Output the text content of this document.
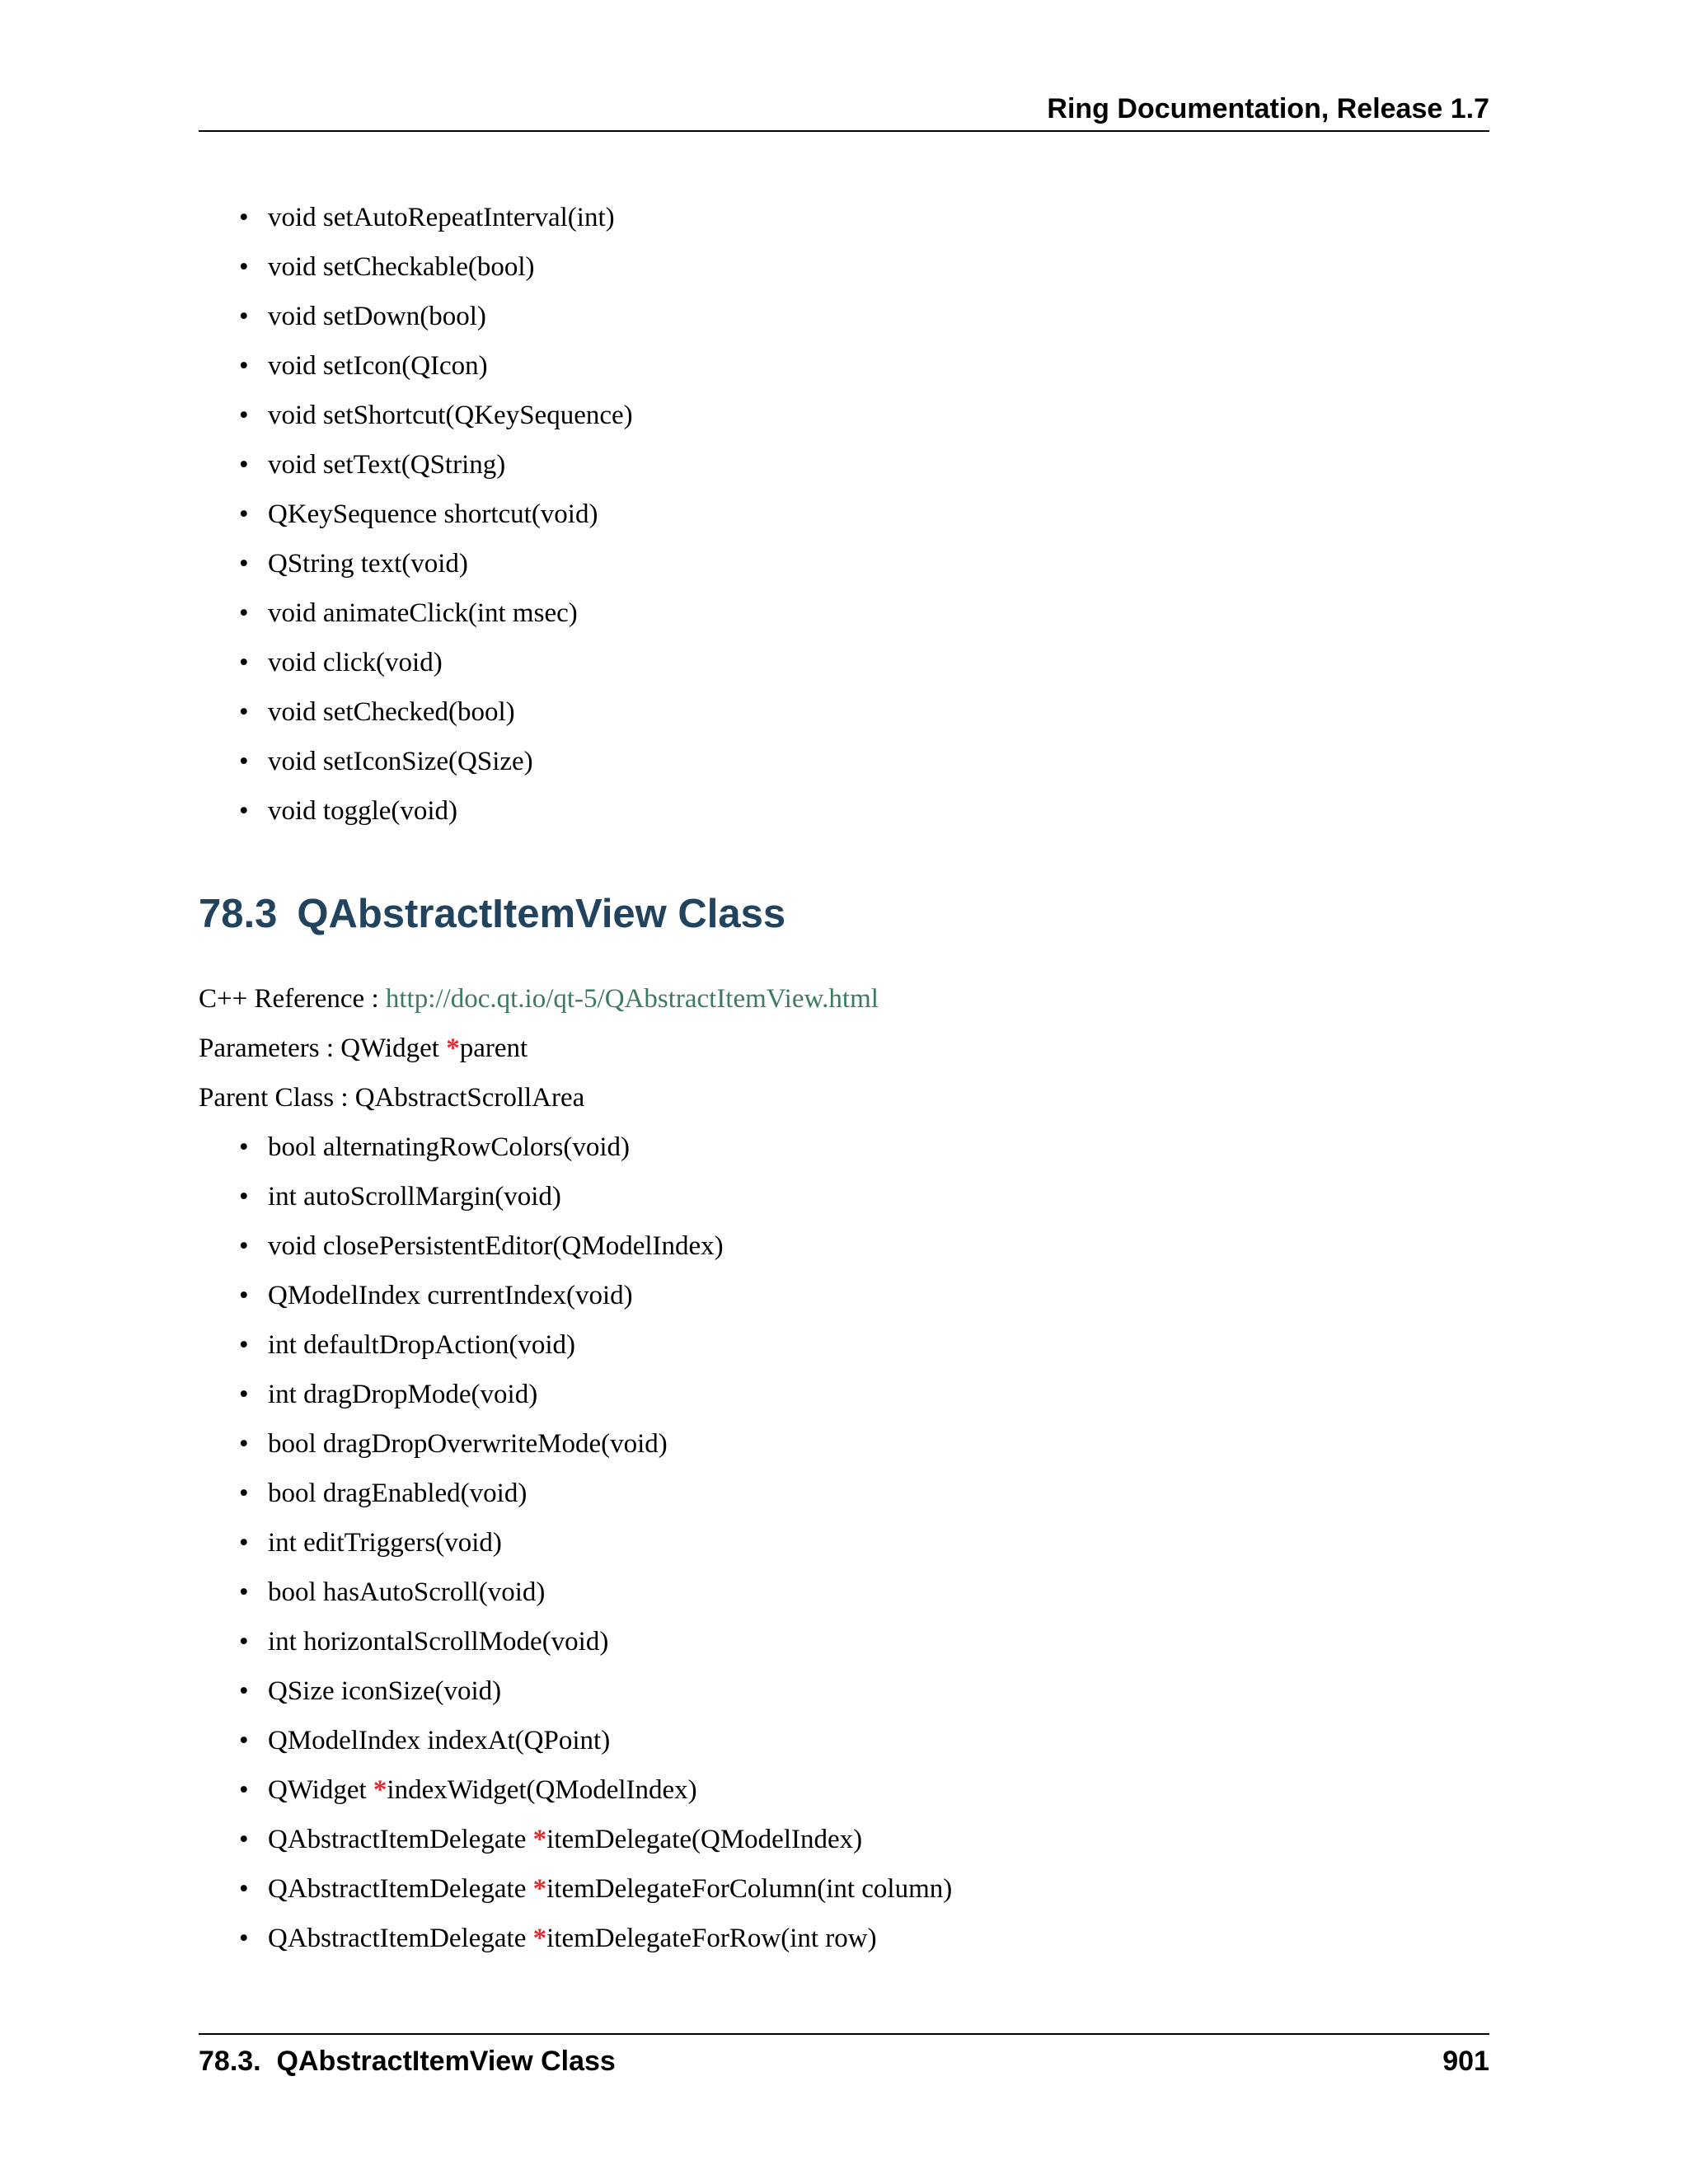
Ring Documentation, Release 1.7
• void setAutoRepeatInterval(int)
• void setCheckable(bool)
• void setDown(bool)
• void setIcon(QIcon)
• void setShortcut(QKeySequence)
• void setText(QString)
• QKeySequence shortcut(void)
• QString text(void)
• void animateClick(int msec)
• void click(void)
• void setChecked(bool)
• void setIconSize(QSize)
• void toggle(void)
78.3 QAbstractItemView Class
C++ Reference : http://doc.qt.io/qt-5/QAbstractItemView.html
Parameters : QWidget *parent
Parent Class : QAbstractScrollArea
• bool alternatingRowColors(void)
• int autoScrollMargin(void)
• void closePersistentEditor(QModelIndex)
• QModelIndex currentIndex(void)
• int defaultDropAction(void)
• int dragDropMode(void)
• bool dragDropOverwriteMode(void)
• bool dragEnabled(void)
• int editTriggers(void)
• bool hasAutoScroll(void)
• int horizontalScrollMode(void)
• QSize iconSize(void)
• QModelIndex indexAt(QPoint)
• QWidget *indexWidget(QModelIndex)
• QAbstractItemDelegate *itemDelegate(QModelIndex)
• QAbstractItemDelegate *itemDelegateForColumn(int column)
• QAbstractItemDelegate *itemDelegateForRow(int row)
78.3.  QAbstractItemView Class	901
